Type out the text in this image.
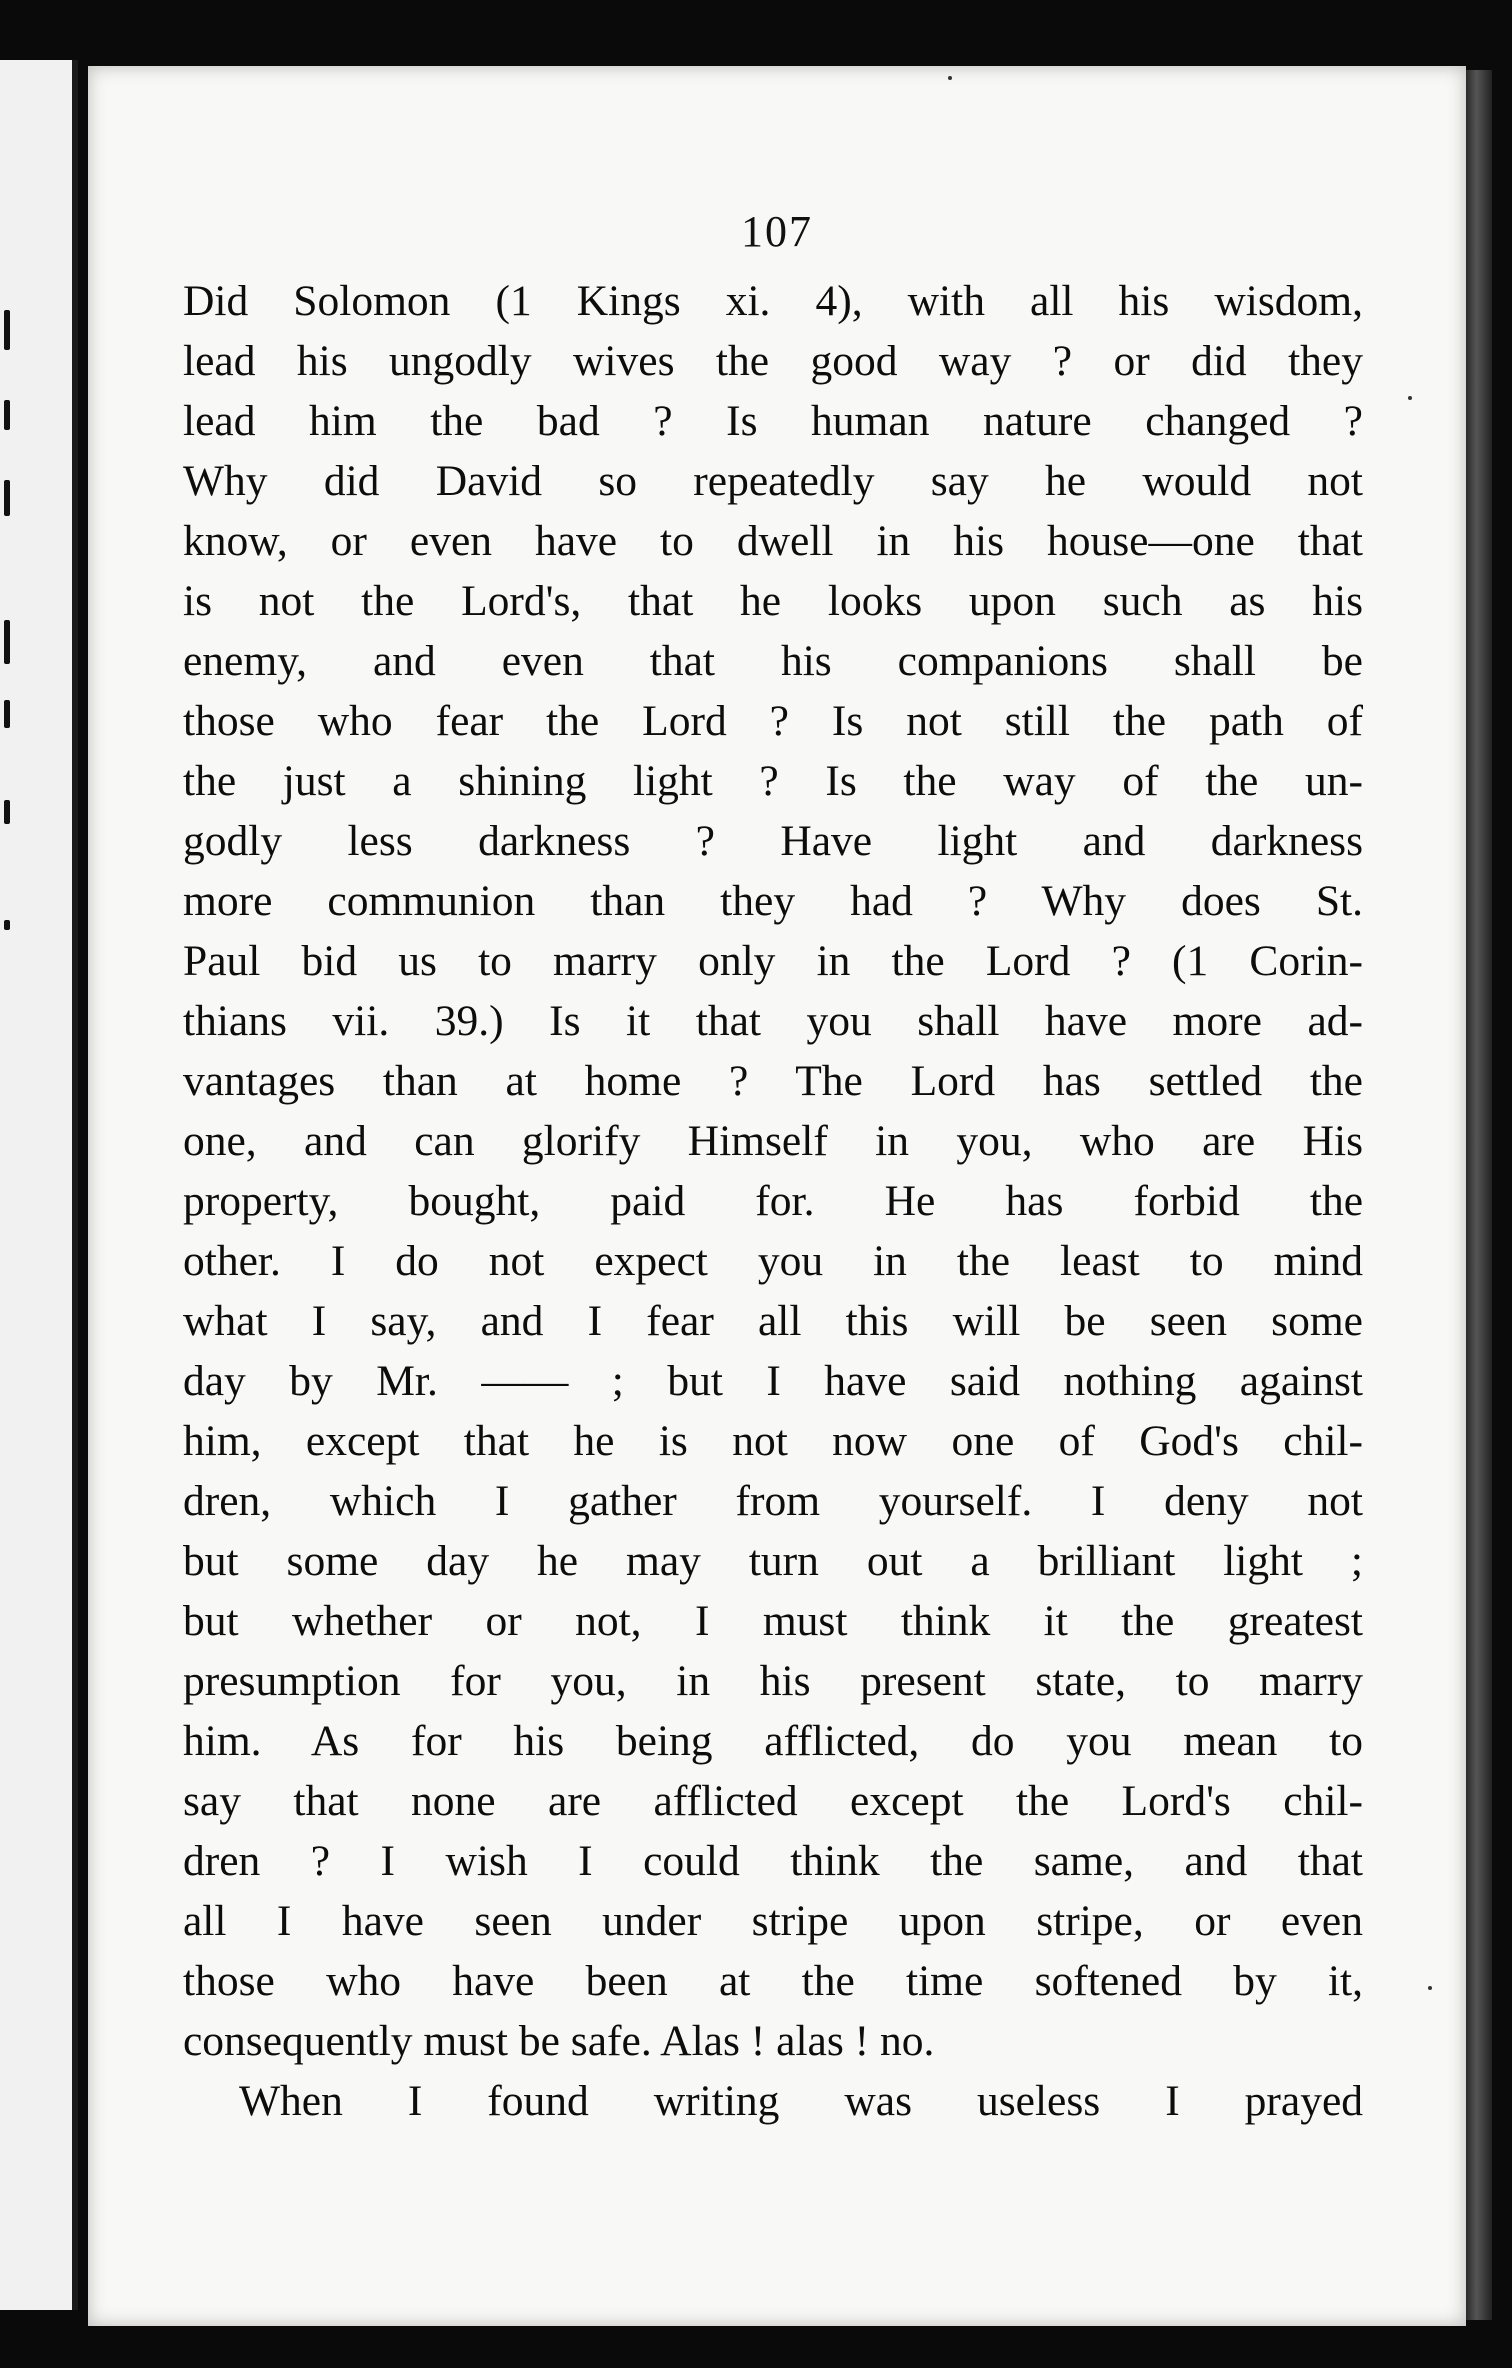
107
Did Solomon (1 Kings xi. 4), with all his wisdom,
lead his ungodly wives the good way ? or did they
lead him the bad ? Is human nature changed ?
Why did David so repeatedly say he would not
know, or even have to dwell in his house—one that
is not the Lord's, that he looks upon such as his
enemy, and even that his companions shall be
those who fear the Lord ? Is not still the path of
the just a shining light ? Is the way of the un-
godly less darkness ? Have light and darkness
more communion than they had ? Why does St.
Paul bid us to marry only in the Lord ? (1 Corin-
thians vii. 39.) Is it that you shall have more ad-
vantages than at home ? The Lord has settled the
one, and can glorify Himself in you, who are His
property, bought, paid for. He has forbid the
other. I do not expect you in the least to mind
what I say, and I fear all this will be seen some
day by Mr. —— ; but I have said nothing against
him, except that he is not now one of God's chil-
dren, which I gather from yourself. I deny not
but some day he may turn out a brilliant light ;
but whether or not, I must think it the greatest
presumption for you, in his present state, to marry
him. As for his being afflicted, do you mean to
say that none are afflicted except the Lord's chil-
dren ? I wish I could think the same, and that
all I have seen under stripe upon stripe, or even
those who have been at the time softened by it,
consequently must be safe. Alas ! alas ! no.
When I found writing was useless I prayed
